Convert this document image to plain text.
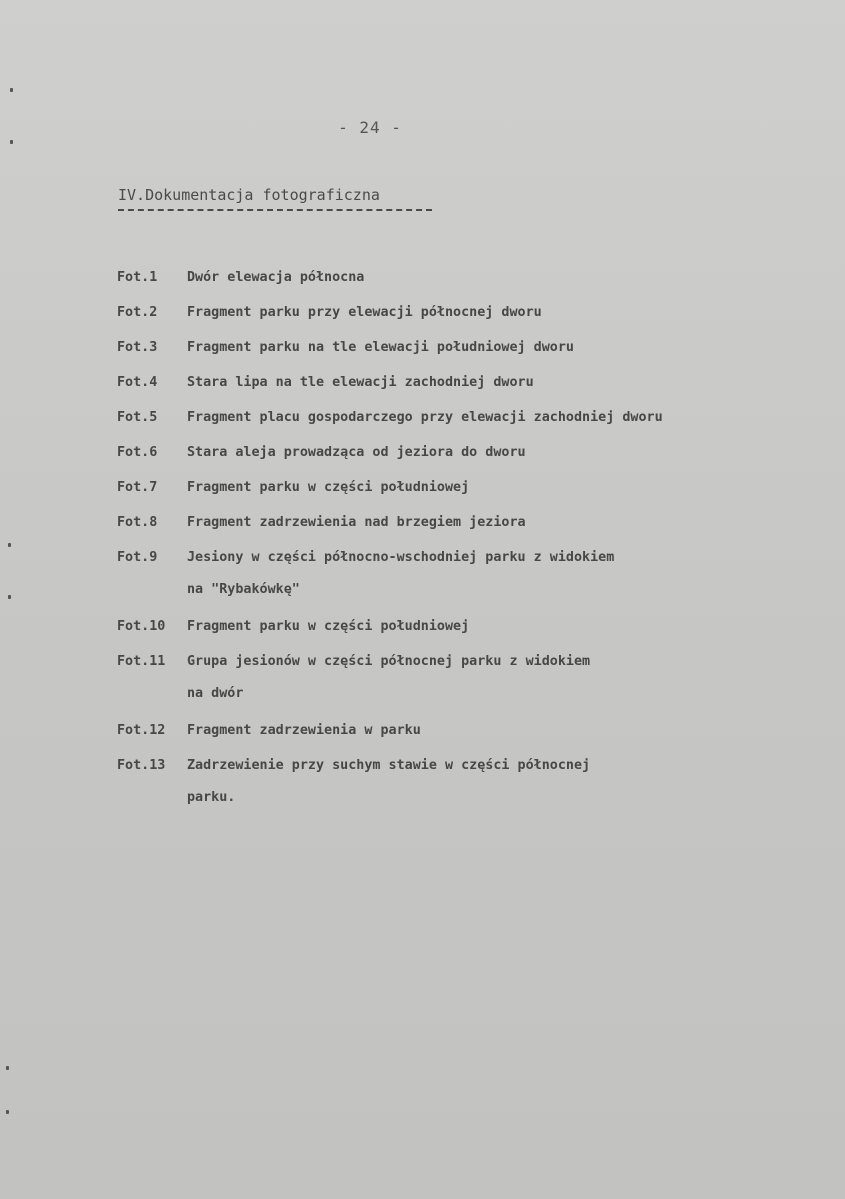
- 24 -
IV.Dokumentacja fotograficzna
Fot.1 Dwór elewacja północna
Fot.2 Fragment parku przy elewacji północnej dworu
Fot.3 Fragment parku na tle elewacji południowej dworu
Fot.4 Stara lipa na tle elewacji zachodniej dworu
Fot.5 Fragment placu gospodarczego przy elewacji zachodniej dworu
Fot.6 Stara aleja prowadząca od jeziora do dworu
Fot.7 Fragment parku w części południowej
Fot.8 Fragment zadrzewienia nad brzegiem jeziora
Fot.9 Jesiony w części północno-wschodniej parku z widokiem
na "Rybakówkę"
Fot.10 Fragment parku w części południowej
Fot.11 Grupa jesionów w części północnej parku z widokiem
na dwór
Fot.12 Fragment zadrzewienia w parku
Fot.13 Zadrzewienie przy suchym stawie w części północnej
parku.
